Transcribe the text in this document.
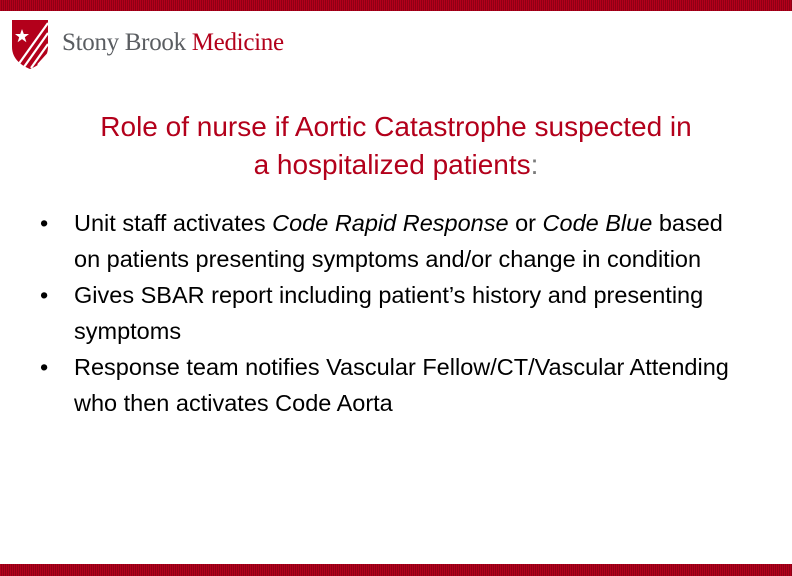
Stony Brook Medicine
Role of nurse if Aortic Catastrophe suspected in
a hospitalized patients:
• Unit staff activates Code Rapid Response or Code Blue based on patients presenting symptoms and/or change in condition
• Gives SBAR report including patient’s history and presenting symptoms
• Response team notifies Vascular Fellow/CT/Vascular Attending who then activates Code Aorta
